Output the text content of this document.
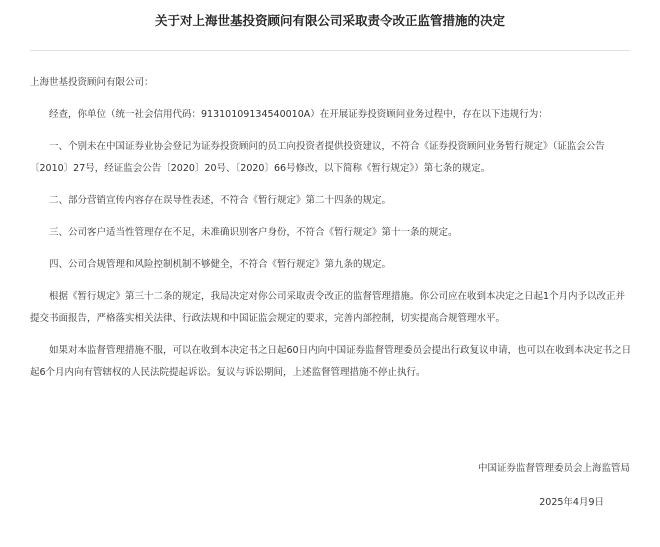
关于对上海世基投资顾问有限公司采取责令改正监管措施的决定
上海世基投资顾问有限公司：
经查，你单位（统一社会信用代码：91310109134540010A）在开展证券投资顾问业务过程中，存在以下违规行为：
一、个别未在中国证券业协会登记为证券投资顾问的员工向投资者提供投资建议，不符合《证券投资顾问业务暂行规定》（证监会公告〔2010〕27号，经证监会公告〔2020〕20号、〔2020〕66号修改，以下简称《暂行规定》）第七条的规定。
二、部分营销宣传内容存在误导性表述，不符合《暂行规定》第二十四条的规定。
三、公司客户适当性管理存在不足，未准确识别客户身份，不符合《暂行规定》第十一条的规定。
四、公司合规管理和风险控制机制不够健全，不符合《暂行规定》第九条的规定。
根据《暂行规定》第三十二条的规定，我局决定对你公司采取责令改正的监督管理措施。你公司应在收到本决定之日起1个月内予以改正并提交书面报告，严格落实相关法律、行政法规和中国证监会规定的要求，完善内部控制，切实提高合规管理水平。
如果对本监督管理措施不服，可以在收到本决定书之日起60日内向中国证券监督管理委员会提出行政复议申请，也可以在收到本决定书之日起6个月内向有管辖权的人民法院提起诉讼。复议与诉讼期间，上述监督管理措施不停止执行。
中国证券监督管理委员会上海监管局
2025年4月9日
